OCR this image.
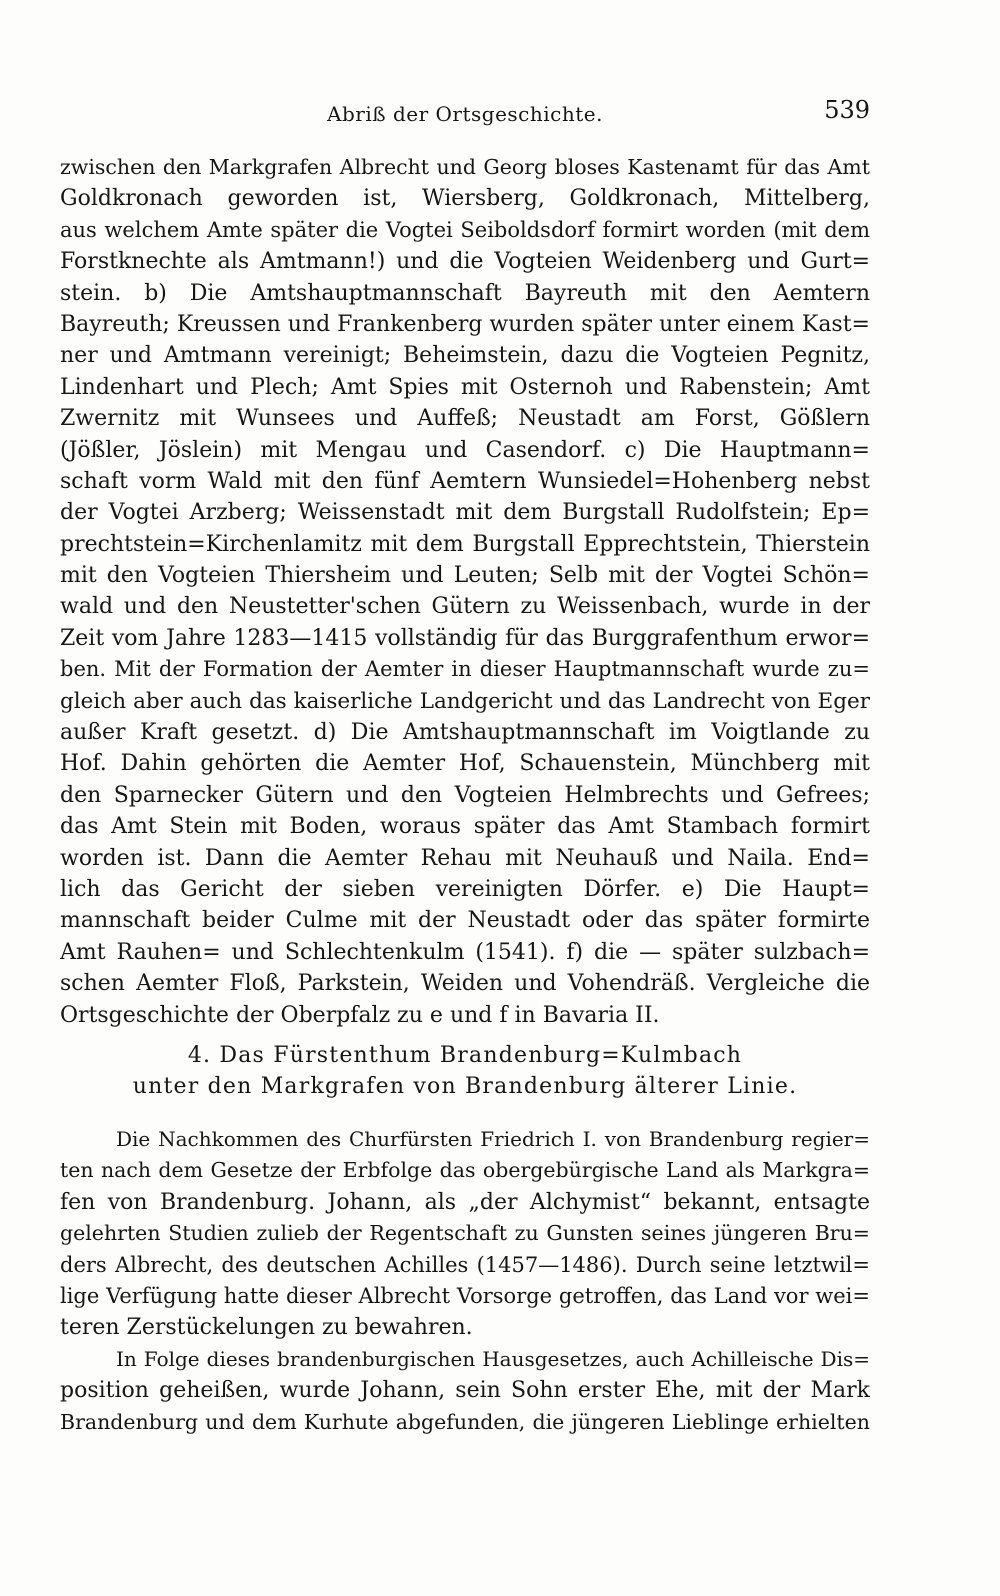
Abriß der Ortsgeschichte.	539
zwischen den Markgrafen Albrecht und Georg bloses Kastenamt für das Amt
Goldkronach geworden ist, Wiersberg, Goldkronach, Mittelberg,
aus welchem Amte später die Vogtei Seiboldsdorf formirt worden (mit dem
Forstknechte als Amtmann!) und die Vogteien Weidenberg und Gurt=
stein. b) Die Amtshauptmannschaft Bayreuth mit den Aemtern
Bayreuth; Kreussen und Frankenberg wurden später unter einem Kast=
ner und Amtmann vereinigt; Beheimstein, dazu die Vogteien Pegnitz,
Lindenhart und Plech; Amt Spies mit Osternoh und Rabenstein; Amt
Zwernitz mit Wunsees und Auffeß; Neustadt am Forst, Gößlern
(Jößler, Jöslein) mit Mengau und Casendorf. c) Die Hauptmann=
schaft vorm Wald mit den fünf Aemtern Wunsiedel=Hohenberg nebst
der Vogtei Arzberg; Weissenstadt mit dem Burgstall Rudolfstein; Ep=
prechtstein=Kirchenlamitz mit dem Burgstall Epprechtstein, Thierstein
mit den Vogteien Thiersheim und Leuten; Selb mit der Vogtei Schön=
wald und den Neustetter'schen Gütern zu Weissenbach, wurde in der
Zeit vom Jahre 1283—1415 vollständig für das Burggrafenthum erwor=
ben. Mit der Formation der Aemter in dieser Hauptmannschaft wurde zu=
gleich aber auch das kaiserliche Landgericht und das Landrecht von Eger
außer Kraft gesetzt. d) Die Amtshauptmannschaft im Voigtlande zu
Hof. Dahin gehörten die Aemter Hof, Schauenstein, Münchberg mit
den Sparnecker Gütern und den Vogteien Helmbrechts und Gefrees;
das Amt Stein mit Boden, woraus später das Amt Stambach formirt
worden ist. Dann die Aemter Rehau mit Neuhauß und Naila. End=
lich das Gericht der sieben vereinigten Dörfer. e) Die Haupt=
mannschaft beider Culme mit der Neustadt oder das später formirte
Amt Rauhen= und Schlechtenkulm (1541). f) die — später sulzbach=
schen Aemter Floß, Parkstein, Weiden und Vohendräß. Vergleiche die
Ortsgeschichte der Oberpfalz zu e und f in Bavaria II.
4. Das Fürstenthum Brandenburg=Kulmbach
unter den Markgrafen von Brandenburg älterer Linie.
Die Nachkommen des Churfürsten Friedrich I. von Brandenburg regier=
ten nach dem Gesetze der Erbfolge das obergebürgische Land als Markgra=
fen von Brandenburg. Johann, als „der Alchymist“ bekannt, entsagte
gelehrten Studien zulieb der Regentschaft zu Gunsten seines jüngeren Bru=
ders Albrecht, des deutschen Achilles (1457—1486). Durch seine letztwil=
lige Verfügung hatte dieser Albrecht Vorsorge getroffen, das Land vor wei=
teren Zerstückelungen zu bewahren.
In Folge dieses brandenburgischen Hausgesetzes, auch Achilleische Dis=
position geheißen, wurde Johann, sein Sohn erster Ehe, mit der Mark
Brandenburg und dem Kurhute abgefunden, die jüngeren Lieblinge erhielten
